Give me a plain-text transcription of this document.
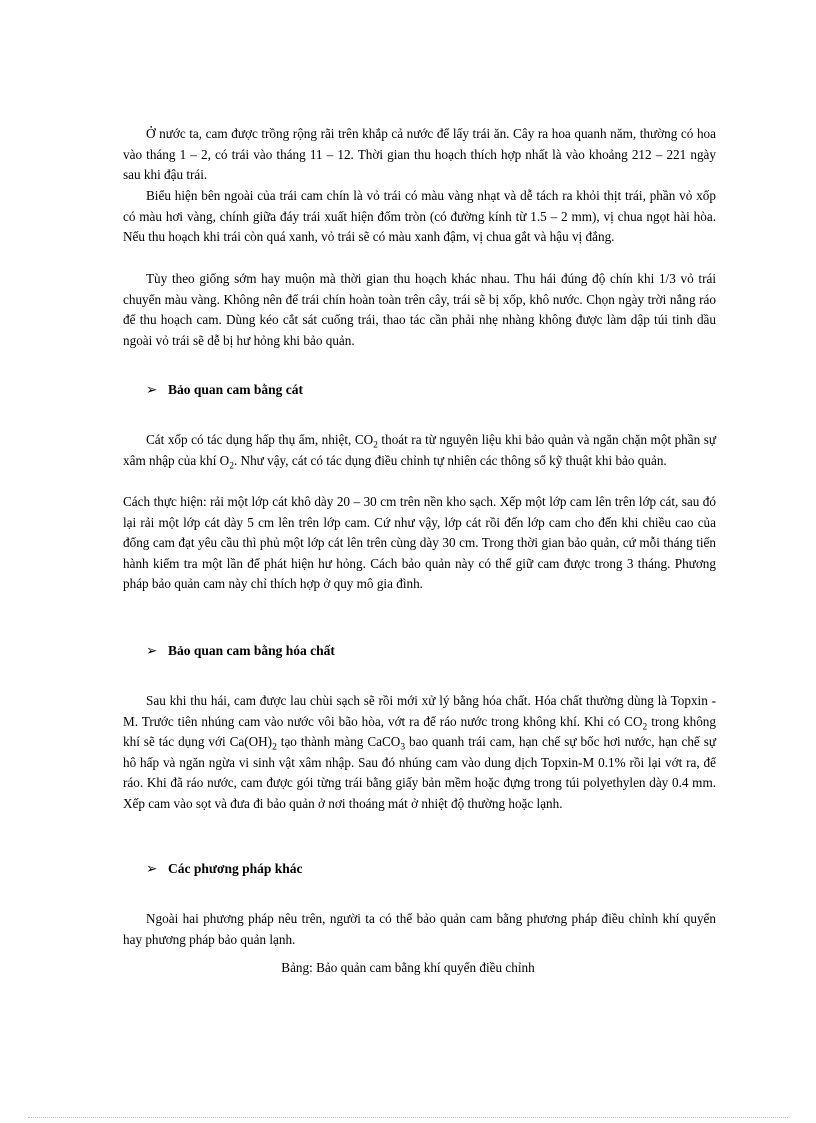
Ở nước ta, cam được trồng rộng rãi trên khắp cả nước để lấy trái ăn. Cây ra hoa quanh năm, thường có hoa vào tháng 1 – 2, có trái vào tháng 11 – 12. Thời gian thu hoạch thích hợp nhất là vào khoảng 212 – 221 ngày sau khi đậu trái.

Biểu hiện bên ngoài của trái cam chín là vỏ trái có màu vàng nhạt và dễ tách ra khỏi thịt trái, phần vỏ xốp có màu hơi vàng, chính giữa đáy trái xuất hiện đốm tròn (có đường kính từ 1.5 – 2 mm), vị chua ngọt hài hòa. Nếu thu hoạch khi trái còn quá xanh, vỏ trái sẽ có màu xanh đậm, vị chua gắt và hậu vị đắng.

Tùy theo giống sớm hay muộn mà thời gian thu hoạch khác nhau. Thu hái đúng độ chín khi 1/3 vỏ trái chuyển màu vàng. Không nên để trái chín hoàn toàn trên cây, trái sẽ bị xốp, khô nước. Chọn ngày trời nắng ráo để thu hoạch cam. Dùng kéo cắt sát cuống trái, thao tác cần phải nhẹ nhàng không được làm dập túi tinh dầu ngoài vỏ trái sẽ dễ bị hư hỏng khi bảo quản.

➢ Bảo quan cam bằng cát

Cát xốp có tác dụng hấp thụ ẩm, nhiệt, $CO_2$ thoát ra từ nguyên liệu khi bảo quản và ngăn chặn một phần sự xâm nhập của khí $O_2$. Như vậy, cát có tác dụng điều chỉnh tự nhiên các thông số kỹ thuật khi bảo quản.

Cách thực hiện: rải một lớp cát khô dày 20 – 30 cm trên nền kho sạch. Xếp một lớp cam lên trên lớp cát, sau đó lại rải một lớp cát dày 5 cm lên trên lớp cam. Cứ như vậy, lớp cát rồi đến lớp cam cho đến khi chiều cao của đống cam đạt yêu cầu thì phủ một lớp cát lên trên cùng dày 30 cm. Trong thời gian bảo quản, cứ mỗi tháng tiến hành kiểm tra một lần để phát hiện hư hỏng. Cách bảo quản này có thể giữ cam được trong 3 tháng. Phương pháp bảo quản cam này chỉ thích hợp ở quy mô gia đình.

➢ Bảo quan cam bằng hóa chất

Sau khi thu hái, cam được lau chùi sạch sẽ rồi mới xử lý bằng hóa chất. Hóa chất thường dùng là Topxin -M. Trước tiên nhúng cam vào nước vôi bão hòa, vớt ra để ráo nước trong không khí. Khi có $CO_2$ trong không khí sẽ tác dụng với $Ca(OH)_2$ tạo thành màng CaCO$_3$ bao quanh trái cam, hạn chế sự bốc hơi nước, hạn chế sự hô hấp và ngăn ngừa vi sinh vật xâm nhập. Sau đó nhúng cam vào dung dịch Topxin-M 0.1% rồi lại vớt ra, để ráo. Khi đã ráo nước, cam được gói từng trái bằng giấy bản mềm hoặc đựng trong túi polyethylen dày 0.4 mm. Xếp cam vào sọt và đưa đi bảo quản ở nơi thoáng mát ở nhiệt độ thường hoặc lạnh.

➢ Các phương pháp khác

Ngoài hai phương pháp nêu trên, người ta có thể bảo quản cam bằng phương pháp điều chỉnh khí quyển hay phương pháp bảo quản lạnh.

Bảng: Bảo quản cam bằng khí quyển điều chỉnh
